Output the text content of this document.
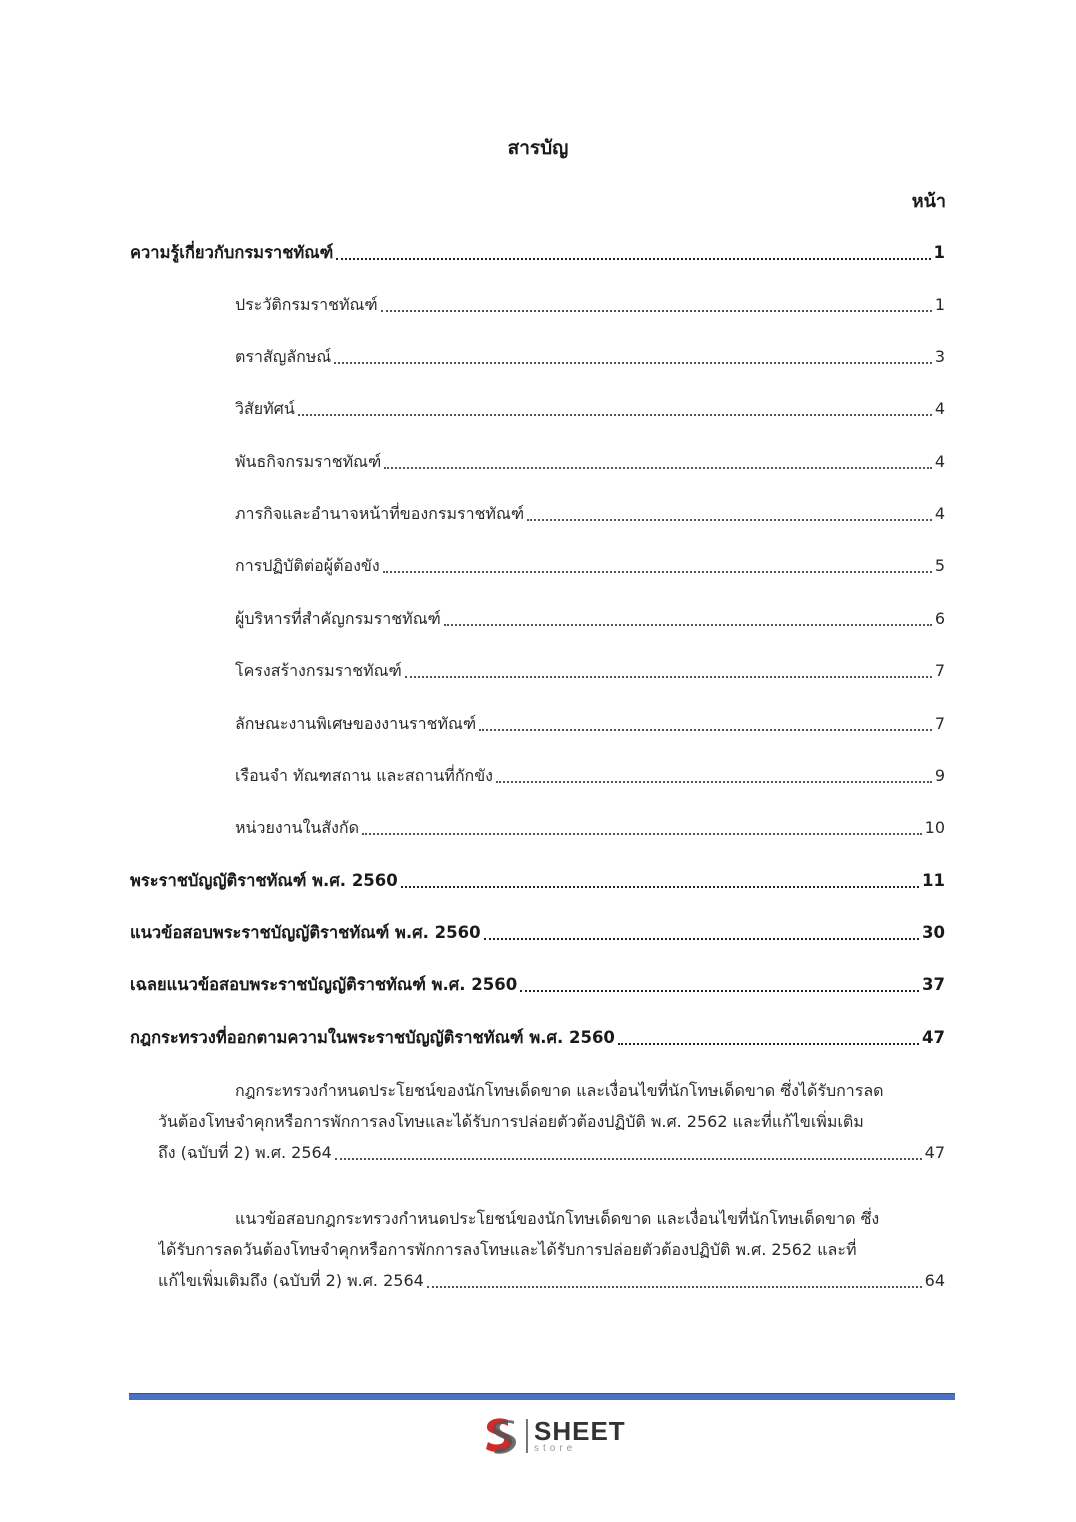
สารบัญ
หน้า
ความรู้เกี่ยวกับกรมราชทัณฑ์	1
ประวัติกรมราชทัณฑ์	1
ตราสัญลักษณ์	3
วิสัยทัศน์	4
พันธกิจกรมราชทัณฑ์	4
ภารกิจและอำนาจหน้าที่ของกรมราชทัณฑ์	4
การปฏิบัติต่อผู้ต้องขัง	5
ผู้บริหารที่สำคัญกรมราชทัณฑ์	6
โครงสร้างกรมราชทัณฑ์	7
ลักษณะงานพิเศษของงานราชทัณฑ์	7
เรือนจำ ทัณฑสถาน และสถานที่กักขัง	9
หน่วยงานในสังกัด	10
พระราชบัญญัติราชทัณฑ์ พ.ศ. 2560	11
แนวข้อสอบพระราชบัญญัติราชทัณฑ์ พ.ศ. 2560	30
เฉลยแนวข้อสอบพระราชบัญญัติราชทัณฑ์ พ.ศ. 2560	37
กฎกระทรวงที่ออกตามความในพระราชบัญญัติราชทัณฑ์ พ.ศ. 2560	47
กฎกระทรวงกำหนดประโยชน์ของนักโทษเด็ดขาด และเงื่อนไขที่นักโทษเด็ดขาด ซึ่งได้รับการลด
วันต้องโทษจำคุกหรือการพักการลงโทษและได้รับการปล่อยตัวต้องปฏิบัติ พ.ศ. 2562 และที่แก้ไขเพิ่มเติม
ถึง (ฉบับที่ 2) พ.ศ. 2564	47
แนวข้อสอบกฎกระทรวงกำหนดประโยชน์ของนักโทษเด็ดขาด และเงื่อนไขที่นักโทษเด็ดขาด ซึ่ง
ได้รับการลดวันต้องโทษจำคุกหรือการพักการลงโทษและได้รับการปล่อยตัวต้องปฏิบัติ พ.ศ. 2562 และที่
แก้ไขเพิ่มเติมถึง (ฉบับที่ 2) พ.ศ. 2564	64
SHEET
store
